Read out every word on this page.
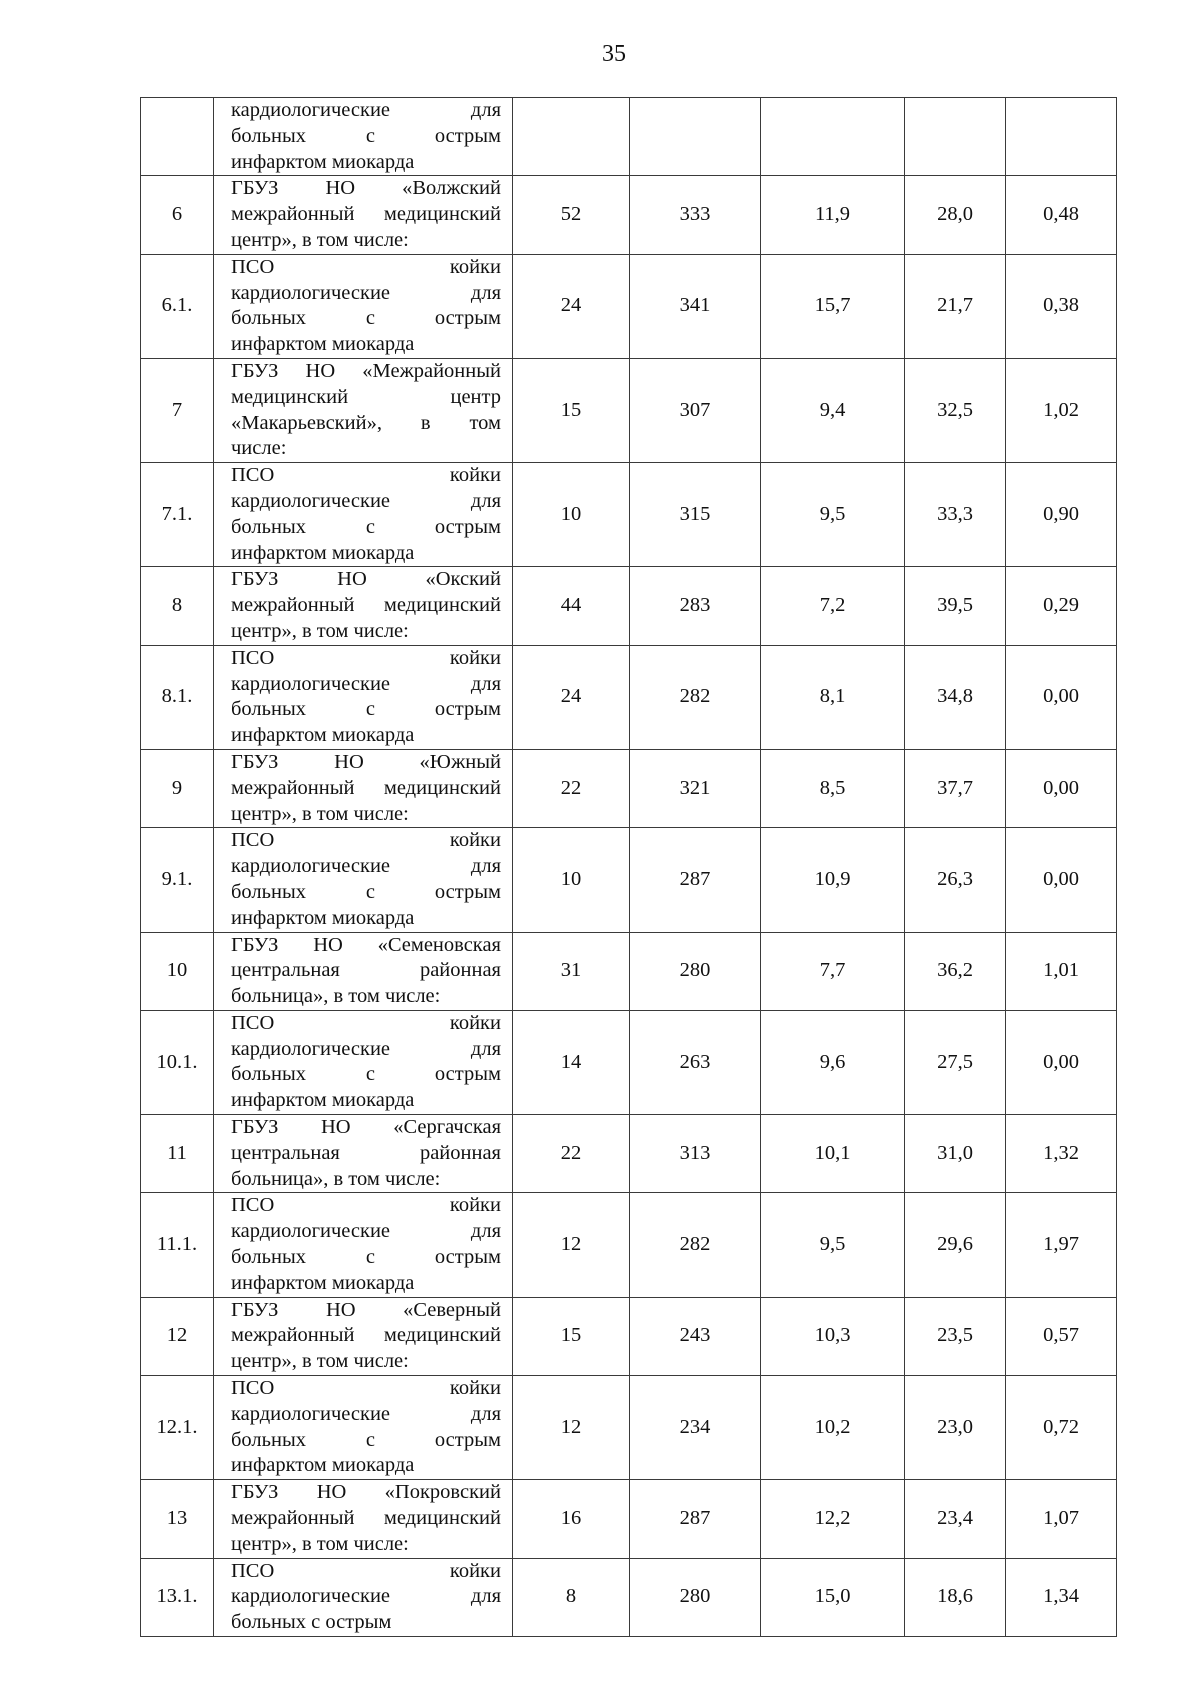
35

	кардиологические для
больных с острым
инфарктом миокарда					

6	ГБУЗ НО «Волжский
межрайонный медицинский
центр», в том числе:	52	333	11,9	28,0	0,48
6.1.	ПСО койки
кардиологические для
больных с острым
инфарктом миокарда	24	341	15,7	21,7	0,38
7	ГБУЗ НО «Межрайонный
медицинский центр
«Макарьевский», в том
числе:	15	307	9,4	32,5	1,02
7.1.	ПСО койки
кардиологические для
больных с острым
инфарктом миокарда	10	315	9,5	33,3	0,90
8	ГБУЗ НО «Окский
межрайонный медицинский
центр», в том числе:	44	283	7,2	39,5	0,29
8.1.	ПСО койки
кардиологические для
больных с острым
инфарктом миокарда	24	282	8,1	34,8	0,00
9	ГБУЗ НО «Южный
межрайонный медицинский
центр», в том числе:	22	321	8,5	37,7	0,00
9.1.	ПСО койки
кардиологические для
больных с острым
инфарктом миокарда	10	287	10,9	26,3	0,00
10	ГБУЗ НО «Семеновская
центральная районная
больница», в том числе:	31	280	7,7	36,2	1,01
10.1.	ПСО койки
кардиологические для
больных с острым
инфарктом миокарда	14	263	9,6	27,5	0,00
11	ГБУЗ НО «Сергачская
центральная районная
больница», в том числе:	22	313	10,1	31,0	1,32
11.1.	ПСО койки
кардиологические для
больных с острым
инфарктом миокарда	12	282	9,5	29,6	1,97
12	ГБУЗ НО «Северный
межрайонный медицинский
центр», в том числе:	15	243	10,3	23,5	0,57
12.1.	ПСО койки
кардиологические для
больных с острым
инфарктом миокарда	12	234	10,2	23,0	0,72
13	ГБУЗ НО «Покровский
межрайонный медицинский
центр», в том числе:	16	287	12,2	23,4	1,07
13.1.	ПСО койки
кардиологические для
больных с острым	8	280	15,0	18,6	1,34
